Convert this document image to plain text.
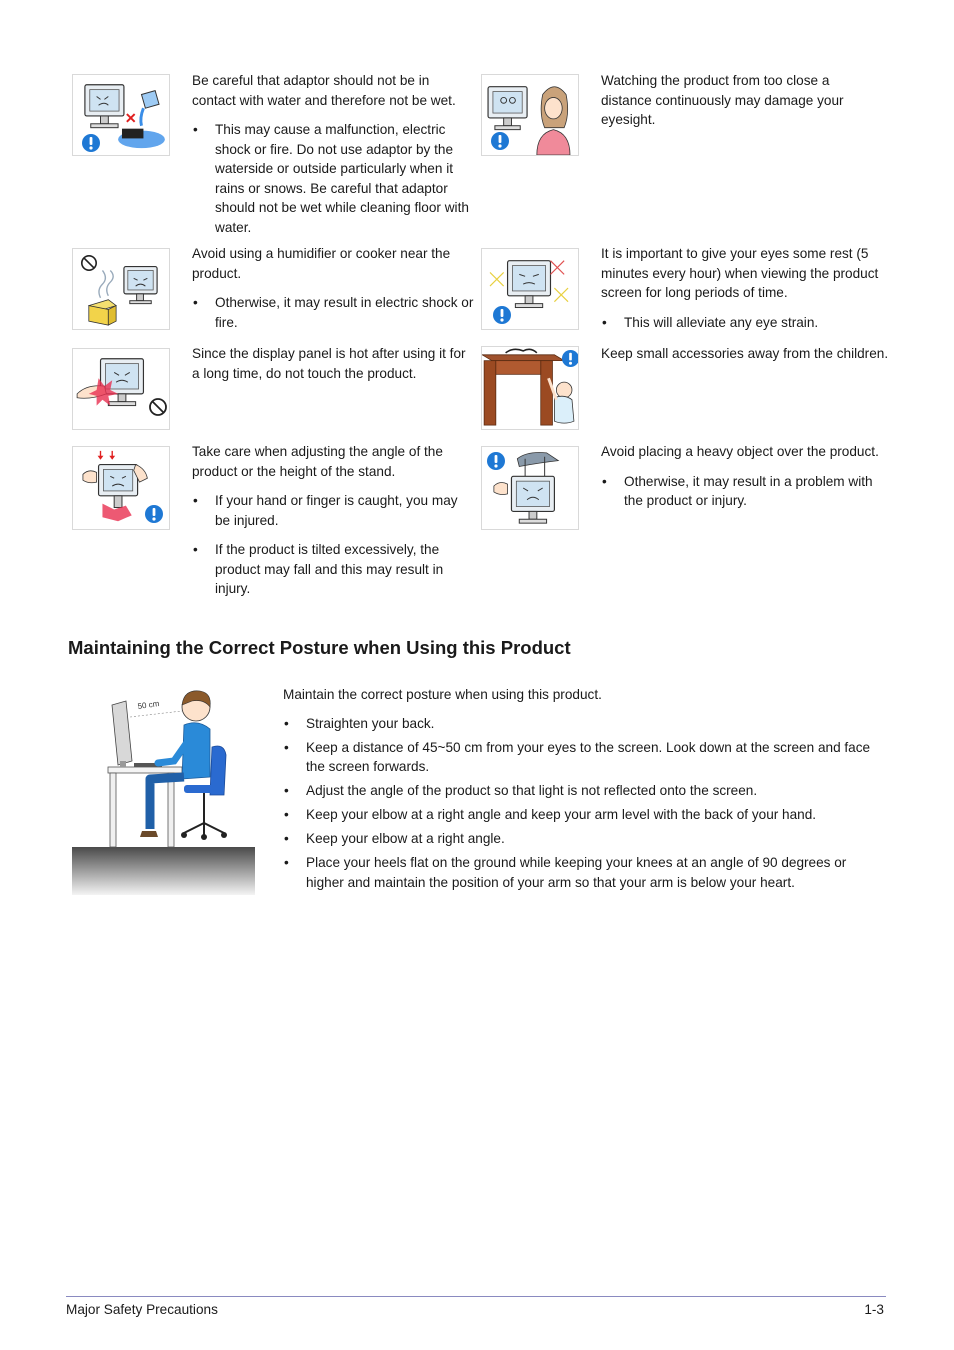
Be careful that adaptor should not be in contact with water and therefore not be wet.

• This may cause a malfunction, electric shock or fire. Do not use adaptor by the waterside or outside particularly when it rains or snows. Be careful that adaptor should not be wet while cleaning floor with water.

Watching the product from too close a distance continuously may damage your eyesight.

Avoid using a humidifier or cooker near the product.

• Otherwise, it may result in electric shock or fire.

It is important to give your eyes some rest (5 minutes every hour) when viewing the product screen for long periods of time.

• This will alleviate any eye strain.

Since the display panel is hot after using it for a long time, do not touch the product.

Keep small accessories away from the children.

Take care when adjusting the angle of the product or the height of the stand.

• If your hand or finger is caught, you may be injured.
• If the product is tilted excessively, the product may fall and this may result in injury.

Avoid placing a heavy object over the product.

• Otherwise, it may result in a problem with the product or injury.
Maintaining the Correct Posture when Using this Product
50 cm

Maintain the correct posture when using this product.

• Straighten your back.
• Keep a distance of 45~50 cm from your eyes to the screen. Look down at the screen and face the screen forwards.
• Adjust the angle of the product so that light is not reflected onto the screen.
• Keep your elbow at a right angle and keep your arm level with the back of your hand.
• Keep your elbow at a right angle.
• Place your heels flat on the ground while keeping your knees at an angle of 90 degrees or higher and maintain the position of your arm so that your arm is below your heart.
Major Safety Precautions	1-3
